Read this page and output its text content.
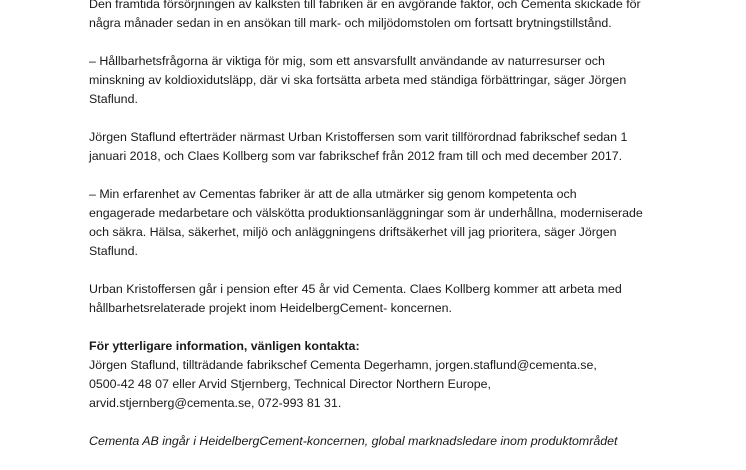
Den framtida försörjningen av kalksten till fabriken är en avgörande faktor, och Cementa skickade för
några månader sedan in en ansökan till mark- och miljödomstolen om fortsatt brytningstillstånd.

– Hållbarhetsfrågorna är viktiga för mig, som ett ansvarsfullt användande av naturresurser och
minskning av koldioxidutsläpp, där vi ska fortsätta arbeta med ständiga förbättringar, säger Jörgen
Staflund.

Jörgen Staflund efterträder närmast Urban Kristoffersen som varit tillförordnad fabrikschef sedan 1
januari 2018, och Claes Kollberg som var fabrikschef från 2012 fram till och med december 2017.

– Min erfarenhet av Cementas fabriker är att de alla utmärker sig genom kompetenta och
engagerade medarbetare och välskötta produktionsanläggningar som är underhållna, moderniserade
och säkra. Hälsa, säkerhet, miljö och anläggningens driftsäkerhet vill jag prioritera, säger Jörgen
Staflund.

Urban Kristoffersen går i pension efter 45 år vid Cementa. Claes Kollberg kommer att arbeta med
hållbarhetsrelaterade projekt inom HeidelbergCement- koncernen.

För ytterligare information, vänligen kontakta:
Jörgen Staflund, tillträdande fabrikschef Cementa Degerhamn, jorgen.staflund@cementa.se,
0500-42 48 07 eller Arvid Stjernberg, Technical Director Northern Europe,
arvid.stjernberg@cementa.se, 072-993 81 31.

Cementa AB ingår i HeidelbergCement-koncernen, global marknadsledare inom produktområdet
